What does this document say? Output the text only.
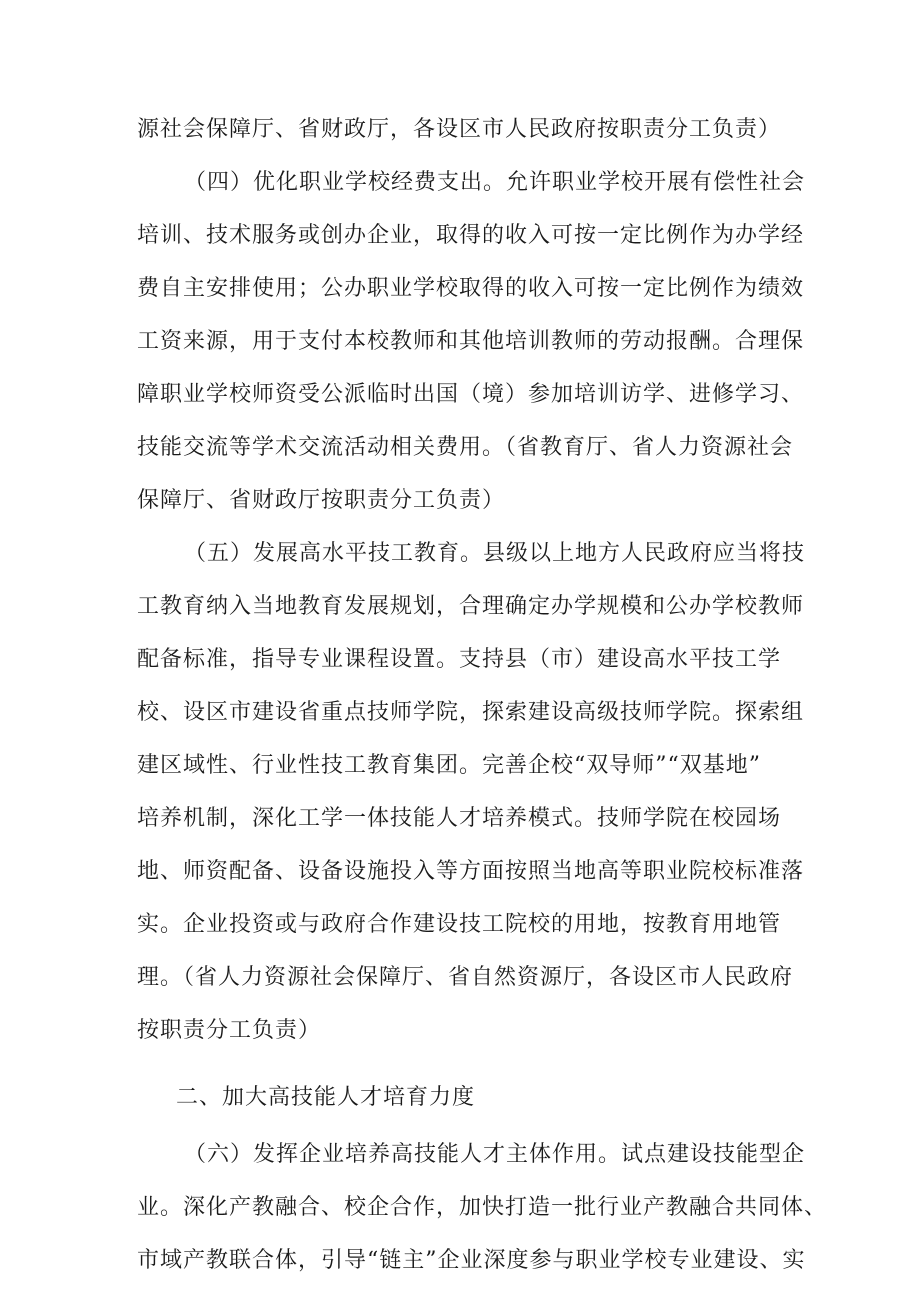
源社会保障厅、省财政厅，各设区市人民政府按职责分工负责）
（四）优化职业学校经费支出。允许职业学校开展有偿性社会
培训、技术服务或创办企业，取得的收入可按一定比例作为办学经
费自主安排使用；公办职业学校取得的收入可按一定比例作为绩效
工资来源，用于支付本校教师和其他培训教师的劳动报酬。合理保
障职业学校师资受公派临时出国（境）参加培训访学、进修学习、
技能交流等学术交流活动相关费用。（省教育厅、省人力资源社会
保障厅、省财政厅按职责分工负责）
（五）发展高水平技工教育。县级以上地方人民政府应当将技
工教育纳入当地教育发展规划，合理确定办学规模和公办学校教师
配备标准，指导专业课程设置。支持县（市）建设高水平技工学
校、设区市建设省重点技师学院，探索建设高级技师学院。探索组
建区域性、行业性技工教育集团。完善企校“双导师”“双基地”
培养机制，深化工学一体技能人才培养模式。技师学院在校园场
地、师资配备、设备设施投入等方面按照当地高等职业院校标准落
实。企业投资或与政府合作建设技工院校的用地，按教育用地管
理。（省人力资源社会保障厅、省自然资源厅，各设区市人民政府
按职责分工负责）
二、加大高技能人才培育力度
（六）发挥企业培养高技能人才主体作用。试点建设技能型企
业。深化产教融合、校企合作，加快打造一批行业产教融合共同体、
市域产教联合体，引导“链主”企业深度参与职业学校专业建设、实
